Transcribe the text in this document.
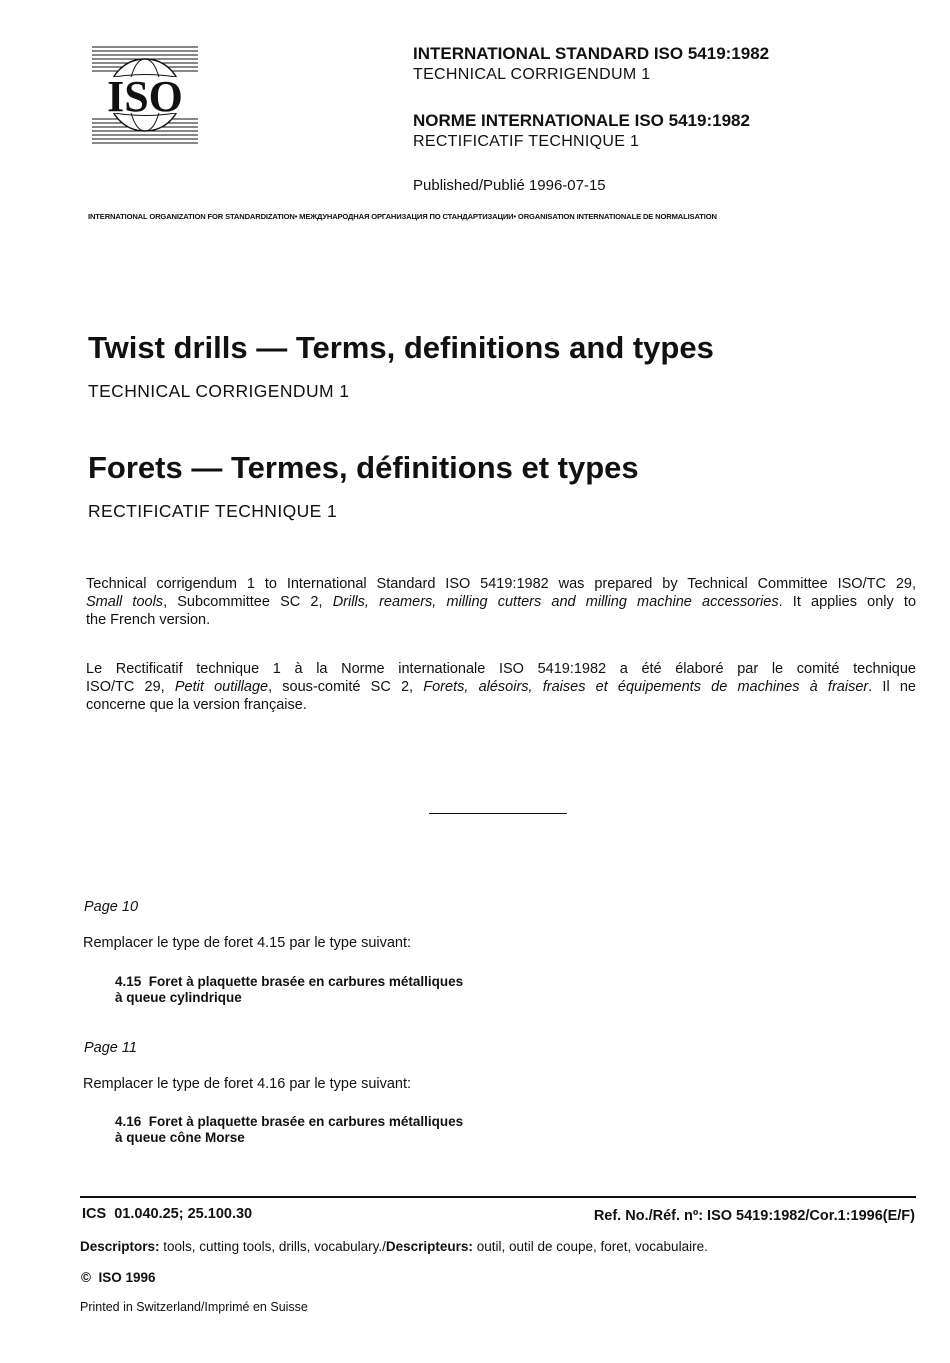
ISO
INTERNATIONAL STANDARD ISO 5419:1982
TECHNICAL CORRIGENDUM 1
NORME INTERNATIONALE ISO 5419:1982
RECTIFICATIF TECHNIQUE 1
Published/Publié 1996-07-15
INTERNATIONAL ORGANIZATION FOR STANDARDIZATION• МЕЖДУНАРОДНАЯ ОРГАНИЗАЦИЯ ПО СТАНДАРТИЗАЦИИ• ORGANISATION INTERNATIONALE DE NORMALISATION
Twist drills — Terms, definitions and types
TECHNICAL CORRIGENDUM 1
Forets — Termes, définitions et types
RECTIFICATIF TECHNIQUE 1

Technical corrigendum 1 to International Standard ISO 5419:1982 was prepared by Technical Committee ISO/TC 29,

Small tools, Subcommittee SC 2, Drills, reamers, milling cutters and milling machine accessories. It applies only to

the French version.

Le Rectificatif technique 1 à la Norme internationale ISO 5419:1982 a été élaboré par le comité technique

ISO/TC 29, Petit outillage, sous-comité SC 2, Forets, alésoirs, fraises et équipements de machines à fraiser. Il ne

concerne que la version française.

Page 10
Remplacer le type de foret 4.15 par le type suivant:
4.15  Foret à plaquette brasée en carbures métalliques
à queue cylindrique
Page 11
Remplacer le type de foret 4.16 par le type suivant:
4.16  Foret à plaquette brasée en carbures métalliques
à queue cône Morse
ICS  01.040.25; 25.100.30	Ref. No./Réf. nº: ISO 5419:1982/Cor.1:1996(E/F)
Descriptors: tools, cutting tools, drills, vocabulary./Descripteurs: outil, outil de coupe, foret, vocabulaire.
©  ISO 1996
Printed in Switzerland/Imprimé en Suisse
